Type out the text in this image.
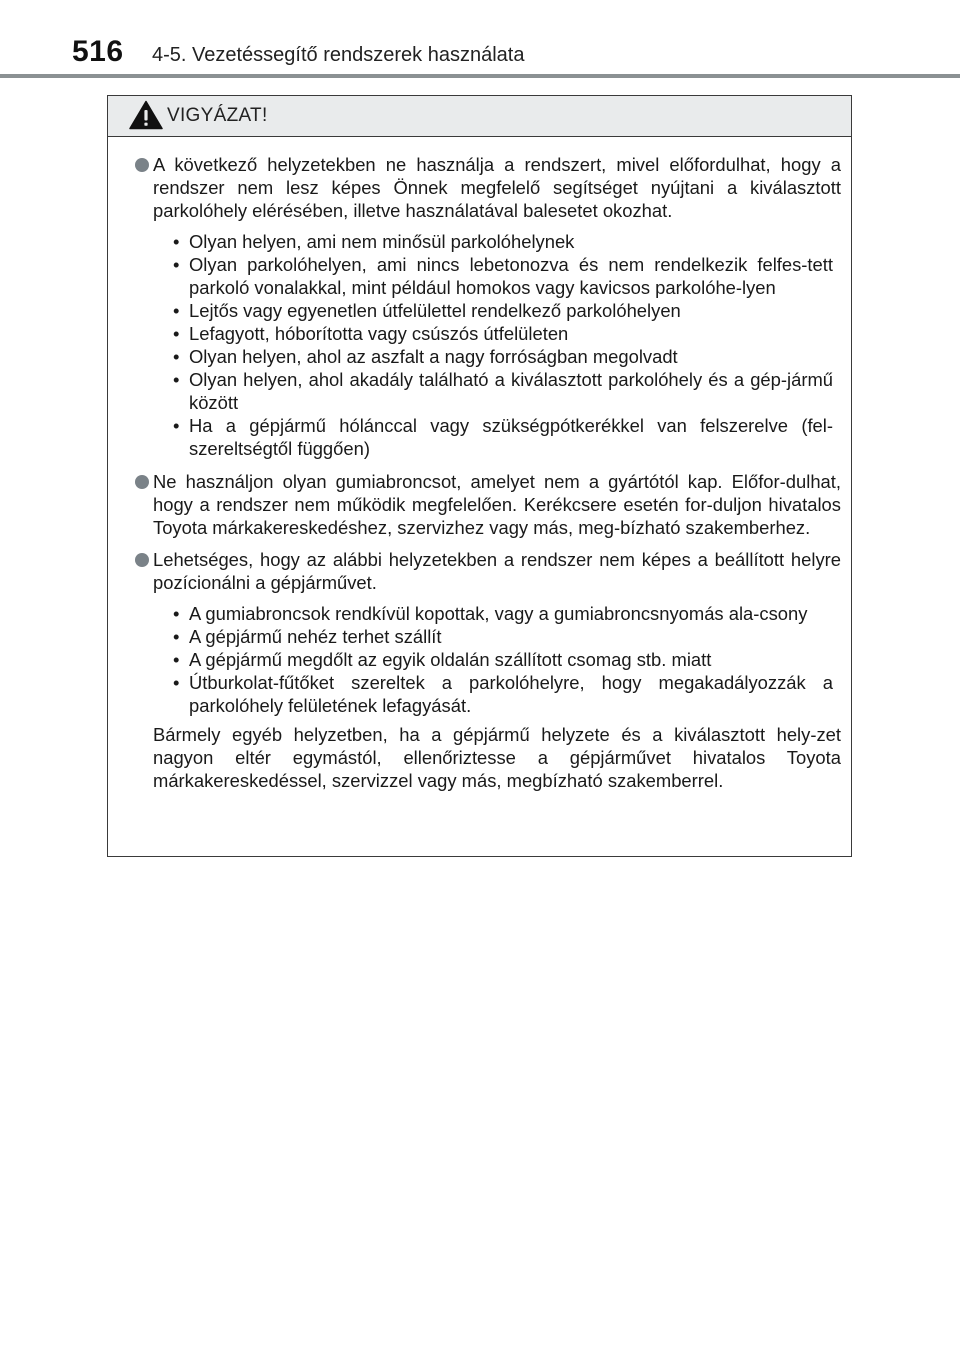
516 4-5. Vezetéssegítő rendszerek használata
VIGYÁZAT!
A következő helyzetekben ne használja a rendszert, mivel előfordulhat, hogy a rendszer nem lesz képes Önnek megfelelő segítséget nyújtani a kiválasztott parkolóhely elérésében, illetve használatával balesetet okozhat.
• Olyan helyen, ami nem minősül parkolóhelynek
• Olyan parkolóhelyen, ami nincs lebetonozva és nem rendelkezik felfes-tett parkoló vonalakkal, mint például homokos vagy kavicsos parkolóhe-lyen
• Lejtős vagy egyenetlen útfelülettel rendelkező parkolóhelyen
• Lefagyott, hóborította vagy csúszós útfelületen
• Olyan helyen, ahol az aszfalt a nagy forróságban megolvadt
• Olyan helyen, ahol akadály található a kiválasztott parkolóhely és a gép-jármű között
• Ha a gépjármű hólánccal vagy szükségpótkerékkel van felszerelve (fel-szereltségtől függően)
Ne használjon olyan gumiabroncsot, amelyet nem a gyártótól kap. Előfor-dulhat, hogy a rendszer nem működik megfelelően. Kerékcsere esetén for-duljon hivatalos Toyota márkakereskedéshez, szervizhez vagy más, meg-bízható szakemberhez.
Lehetséges, hogy az alábbi helyzetekben a rendszer nem képes a beállított helyre pozícionálni a gépjárművet.
• A gumiabroncsok rendkívül kopottak, vagy a gumiabroncsnyomás ala-csony
• A gépjármű nehéz terhet szállít
• A gépjármű megdőlt az egyik oldalán szállított csomag stb. miatt
• Útburkolat-fűtőket szereltek a parkolóhelyre, hogy megakadályozzák a parkolóhely felületének lefagyását.
Bármely egyéb helyzetben, ha a gépjármű helyzete és a kiválasztott hely-zet nagyon eltér egymástól, ellenőriztesse a gépjárművet hivatalos Toyota márkakereskedéssel, szervizzel vagy más, megbízható szakemberrel.
